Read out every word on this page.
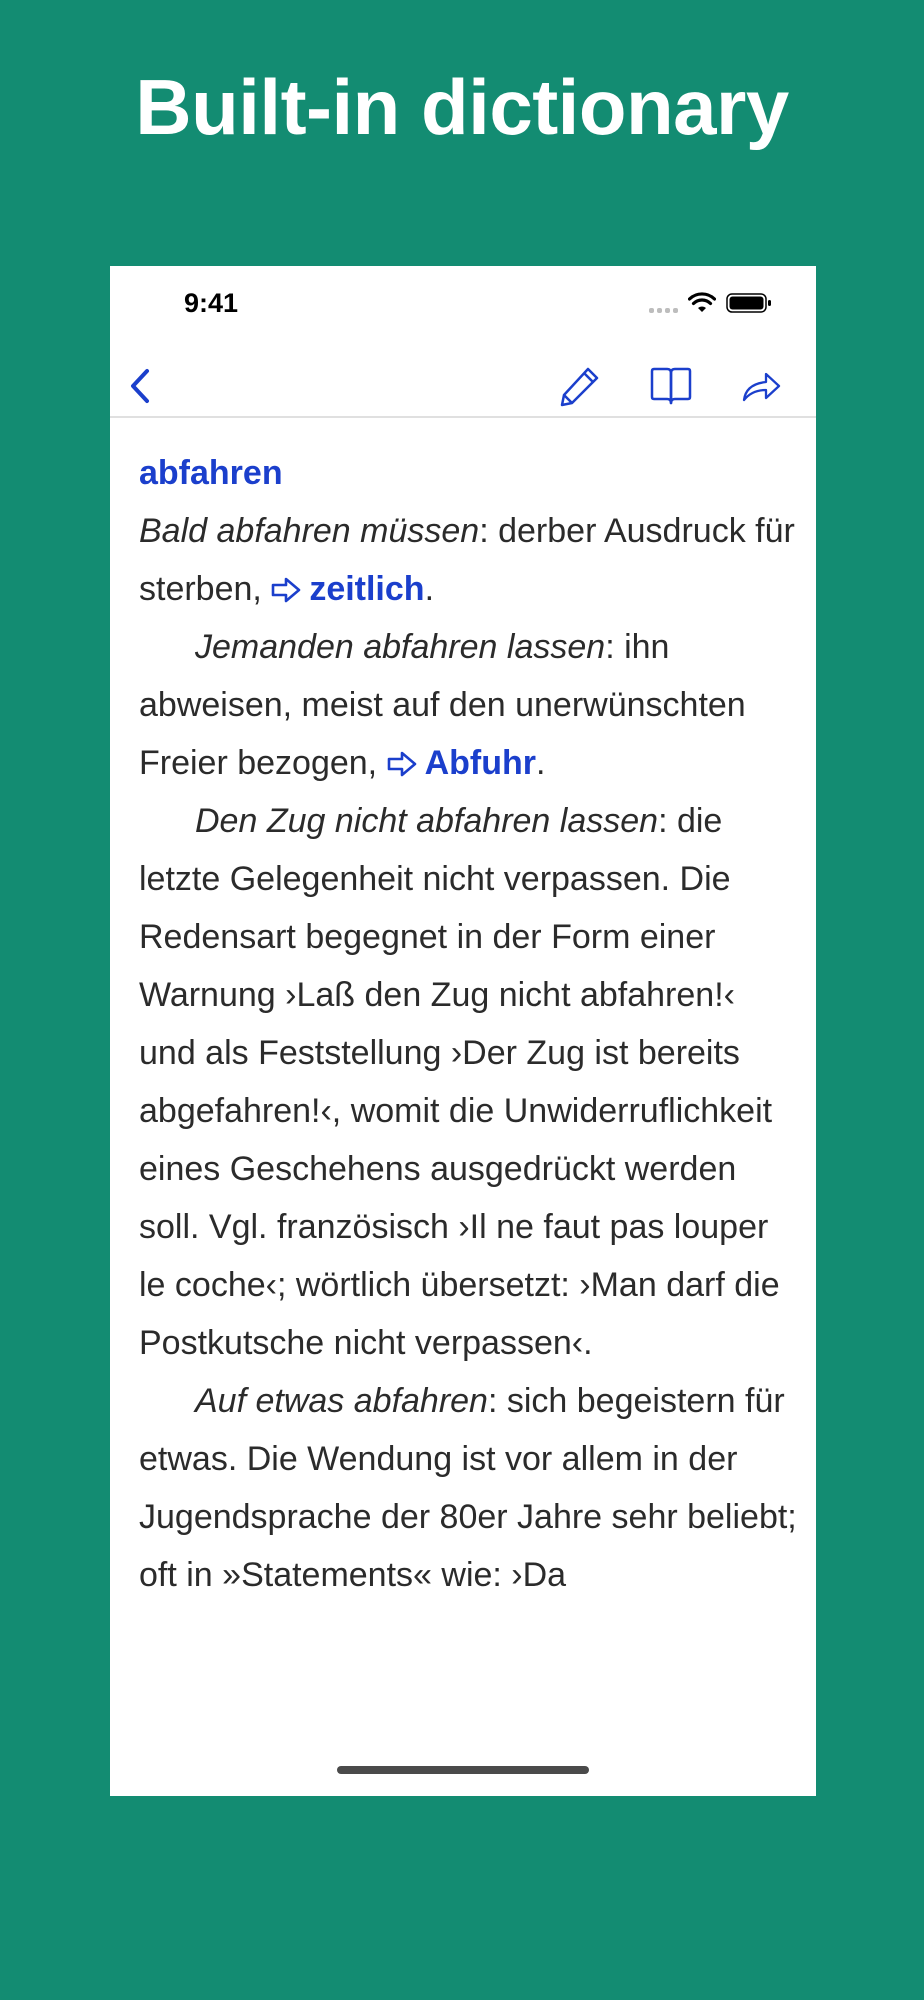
Built-in dictionary
9:41

abfahren

Bald abfahren müssen: derber Ausdruck für sterben, zeitlich.

Jemanden abfahren lassen: ihn abweisen, meist auf den unerwünschten Freier bezogen, Abfuhr.

Den Zug nicht abfahren lassen: die letzte Gelegenheit nicht verpassen. Die Redensart begegnet in der Form einer Warnung ›Laß den Zug nicht abfahren!‹ und als Feststellung ›Der Zug ist bereits abgefahren!‹, womit die Unwiderruflichkeit eines Geschehens ausgedrückt werden soll. Vgl. französisch ›Il ne faut pas louper le coche‹; wörtlich übersetzt: ›Man darf die Postkutsche nicht verpassen‹.

Auf etwas abfahren: sich begeistern für etwas. Die Wendung ist vor allem in der Jugendsprache der 80er Jahre sehr beliebt; oft in »Statements« wie: ›Da
